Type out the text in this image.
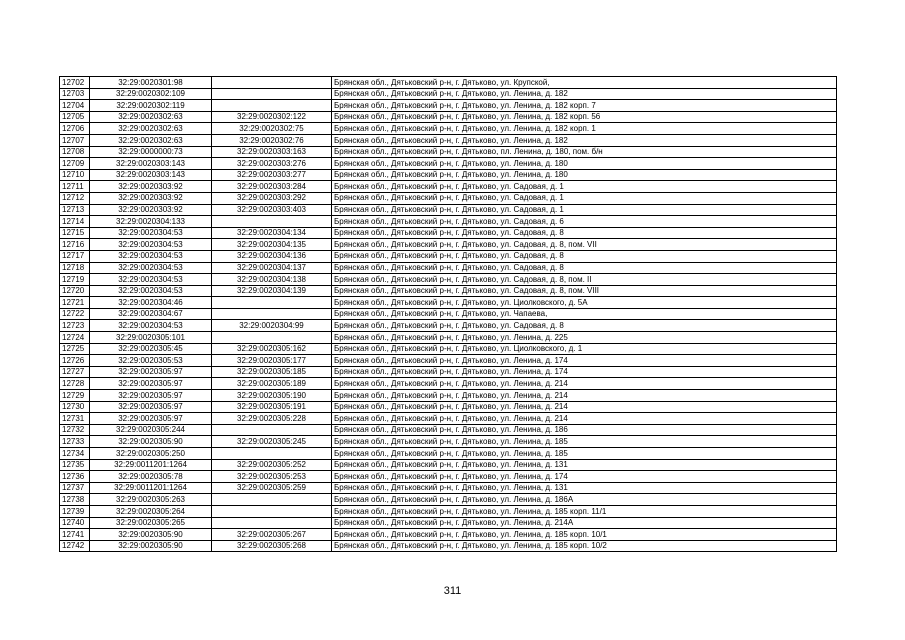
12702	32:29:0020301:98		Брянская обл., Дятьковский р-н, г. Дятьково, ул. Крупской,
12703	32:29:0020302:109		Брянская обл., Дятьковский р-н, г. Дятьково, ул. Ленина, д. 182
12704	32:29:0020302:119		Брянская обл., Дятьковский р-н, г. Дятьково, ул. Ленина, д. 182 корп. 7
12705	32:29:0020302:63	32:29:0020302:122	Брянская обл., Дятьковский р-н, г. Дятьково, ул. Ленина, д. 182 корп. 56
12706	32:29:0020302:63	32:29:0020302:75	Брянская обл., Дятьковский р-н, г. Дятьково, ул. Ленина, д. 182 корп. 1
12707	32:29:0020302:63	32:29:0020302:76	Брянская обл., Дятьковский р-н, г. Дятьково, ул. Ленина, д. 182
12708	32:29:0000000:73	32:29:0020303:163	Брянская обл., Дятьковский р-н, г. Дятьково, пл. Ленина, д. 180, пом. б/н
12709	32:29:0020303:143	32:29:0020303:276	Брянская обл., Дятьковский р-н, г. Дятьково, ул. Ленина, д. 180
12710	32:29:0020303:143	32:29:0020303:277	Брянская обл., Дятьковский р-н, г. Дятьково, ул. Ленина, д. 180
12711	32:29:0020303:92	32:29:0020303:284	Брянская обл., Дятьковский р-н, г. Дятьково, ул. Садовая, д. 1
12712	32:29:0020303:92	32:29:0020303:292	Брянская обл., Дятьковский р-н, г. Дятьково, ул. Садовая, д. 1
12713	32:29:0020303:92	32:29:0020303:403	Брянская обл., Дятьковский р-н, г. Дятьково, ул. Садовая, д. 1
12714	32:29:0020304:133		Брянская обл., Дятьковский р-н, г. Дятьково, ул. Садовая, д. 6
12715	32:29:0020304:53	32:29:0020304:134	Брянская обл., Дятьковский р-н, г. Дятьково, ул. Садовая, д. 8
12716	32:29:0020304:53	32:29:0020304:135	Брянская обл., Дятьковский р-н, г. Дятьково, ул. Садовая, д. 8, пом. VII
12717	32:29:0020304:53	32:29:0020304:136	Брянская обл., Дятьковский р-н, г. Дятьково, ул. Садовая, д. 8
12718	32:29:0020304:53	32:29:0020304:137	Брянская обл., Дятьковский р-н, г. Дятьково, ул. Садовая, д. 8
12719	32:29:0020304:53	32:29:0020304:138	Брянская обл., Дятьковский р-н, г. Дятьково, ул. Садовая, д. 8, пом. II
12720	32:29:0020304:53	32:29:0020304:139	Брянская обл., Дятьковский р-н, г. Дятьково, ул. Садовая, д. 8, пом. VIII
12721	32:29:0020304:46		Брянская обл., Дятьковский р-н, г. Дятьково, ул. Циолковского, д. 5А
12722	32:29:0020304:67		Брянская обл., Дятьковский р-н, г. Дятьково, ул. Чапаева,
12723	32:29:0020304:53	32:29:0020304:99	Брянская обл., Дятьковский р-н, г. Дятьково, ул. Садовая, д. 8
12724	32:29:0020305:101		Брянская обл., Дятьковский р-н, г. Дятьково, ул. Ленина, д. 225
12725	32:29:0020305:45	32:29:0020305:162	Брянская обл., Дятьковский р-н, г. Дятьково, ул. Циолковского, д. 1
12726	32:29:0020305:53	32:29:0020305:177	Брянская обл., Дятьковский р-н, г. Дятьково, ул. Ленина, д. 174
12727	32:29:0020305:97	32:29:0020305:185	Брянская обл., Дятьковский р-н, г. Дятьково, ул. Ленина, д. 174
12728	32:29:0020305:97	32:29:0020305:189	Брянская обл., Дятьковский р-н, г. Дятьково, ул. Ленина, д. 214
12729	32:29:0020305:97	32:29:0020305:190	Брянская обл., Дятьковский р-н, г. Дятьково, ул. Ленина, д. 214
12730	32:29:0020305:97	32:29:0020305:191	Брянская обл., Дятьковский р-н, г. Дятьково, ул. Ленина, д. 214
12731	32:29:0020305:97	32:29:0020305:228	Брянская обл., Дятьковский р-н, г. Дятьково, ул. Ленина, д. 214
12732	32:29:0020305:244		Брянская обл., Дятьковский р-н, г. Дятьково, ул. Ленина, д. 186
12733	32:29:0020305:90	32:29:0020305:245	Брянская обл., Дятьковский р-н, г. Дятьково, ул. Ленина, д. 185
12734	32:29:0020305:250		Брянская обл., Дятьковский р-н, г. Дятьково, ул. Ленина, д. 185
12735	32:29:0011201:1264	32:29:0020305:252	Брянская обл., Дятьковский р-н, г. Дятьково, ул. Ленина, д. 131
12736	32:29:0020305:78	32:29:0020305:253	Брянская обл., Дятьковский р-н, г. Дятьково, ул. Ленина, д. 174
12737	32:29:0011201:1264	32:29:0020305:259	Брянская обл., Дятьковский р-н, г. Дятьково, ул. Ленина, д. 131
12738	32:29:0020305:263		Брянская обл., Дятьковский р-н, г. Дятьково, ул. Ленина, д. 186А
12739	32:29:0020305:264		Брянская обл., Дятьковский р-н, г. Дятьково, ул. Ленина, д. 185 корп. 11/1
12740	32:29:0020305:265		Брянская обл., Дятьковский р-н, г. Дятьково, ул. Ленина, д. 214А
12741	32:29:0020305:90	32:29:0020305:267	Брянская обл., Дятьковский р-н, г. Дятьково, ул. Ленина, д. 185 корп. 10/1
12742	32:29:0020305:90	32:29:0020305:268	Брянская обл., Дятьковский р-н, г. Дятьково, ул. Ленина, д. 185 корп. 10/2
311
